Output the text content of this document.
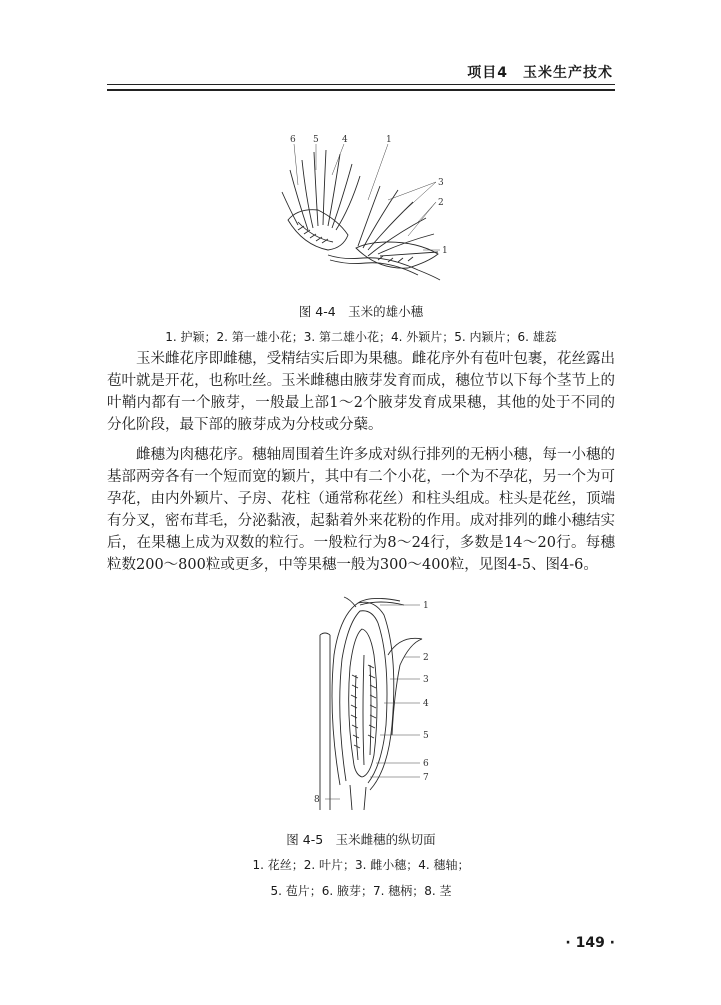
项目4　玉米生产技术
6 5	4	1
3
2
1
图 4-4　玉米的雄小穗
1. 护颖；2. 第一雄小花；3. 第二雄小花；4. 外颖片；5. 内颖片；6. 雄蕊

玉米雌花序即雌穗，受精结实后即为果穗。雌花序外有苞叶包裹，花丝露出苞叶就是开花，也称吐丝。玉米雌穗由腋芽发育而成，穗位节以下每个茎节上的叶鞘内都有一个腋芽，一般最上部1～2个腋芽发育成果穗，其他的处于不同的分化阶段，最下部的腋芽成为分枝或分蘖。

雌穗为肉穗花序。穗轴周围着生许多成对纵行排列的无柄小穗，每一小穗的基部两旁各有一个短而宽的颖片，其中有二个小花，一个为不孕花，另一个为可孕花，由内外颖片、子房、花柱（通常称花丝）和柱头组成。柱头是花丝，顶端有分叉，密布茸毛，分泌黏液，起黏着外来花粉的作用。成对排列的雌小穗结实后，在果穗上成为双数的粒行。一般粒行为8～24行，多数是14～20行。每穗粒数200～800粒或更多，中等果穗一般为300～400粒，见图4-5、图4-6。

1
2
3
4
5
6
7
8
图 4-5　玉米雌穗的纵切面
1. 花丝；2. 叶片；3. 雌小穗；4. 穗轴；
5. 苞片；6. 腋芽；7. 穗柄；8. 茎
· 149 ·
